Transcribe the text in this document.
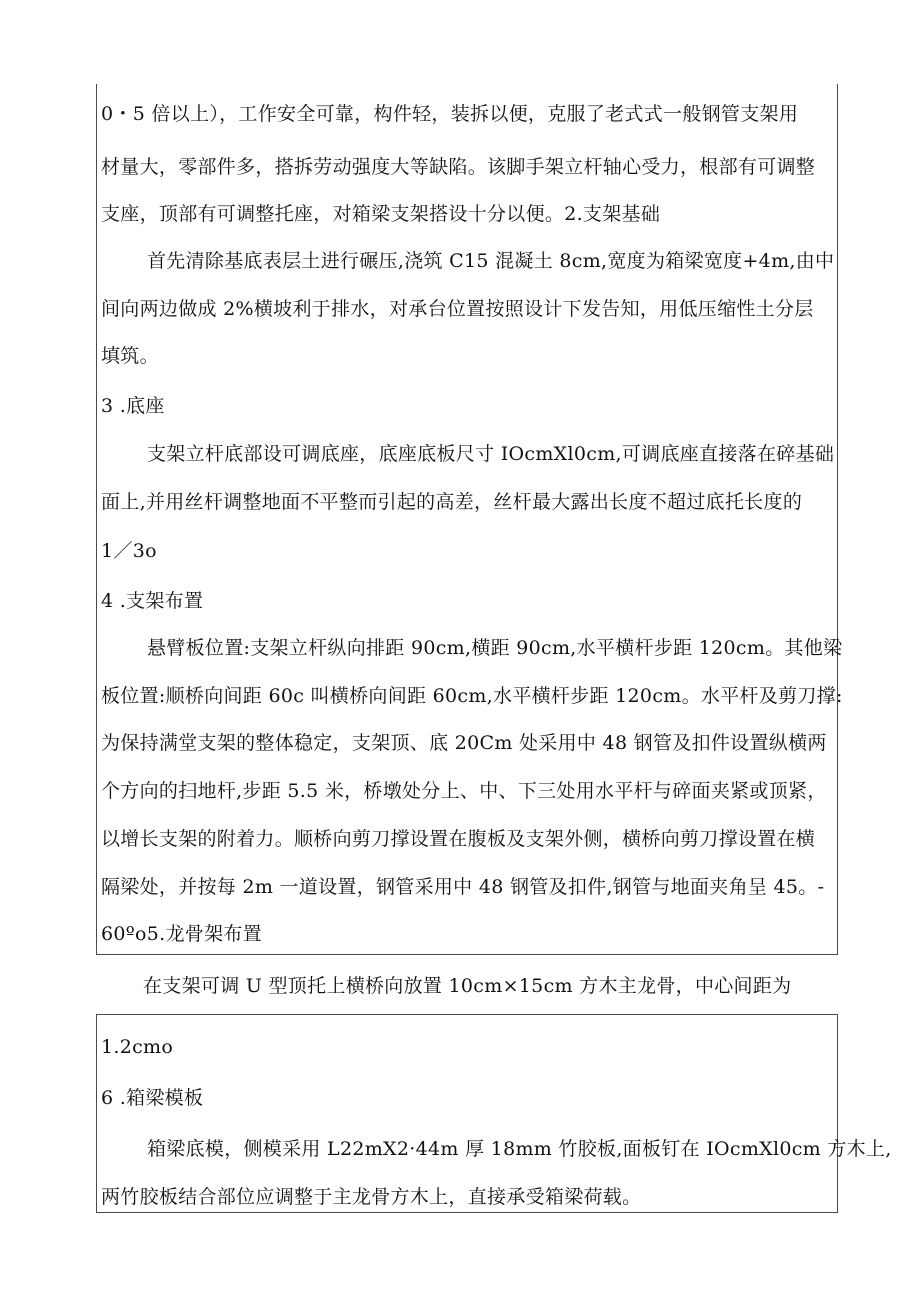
0・5 倍以上），工作安全可靠，构件轻，装拆以便，克服了老式式一般钢管支架用
材量大，零部件多，搭拆劳动强度大等缺陷。该脚手架立杆轴心受力，根部有可调整
支座，顶部有可调整托座，对箱梁支架搭设十分以便。2.支架基础
首先清除基底表层土进行碾压,浇筑 C15 混凝土 8cm,宽度为箱梁宽度+4m,由中
间向两边做成 2%横坡利于排水，对承台位置按照设计下发告知，用低压缩性土分层
填筑。
3 .底座
支架立杆底部设可调底座，底座底板尺寸 IOcmXl0cm,可调底座直接落在碎基础
面上,并用丝杆调整地面不平整而引起的高差，丝杆最大露出长度不超过底托长度的
1／3o
4 .支架布置
悬臂板位置:支架立杆纵向排距 90cm,横距 90cm,水平横杆步距 120cm。其他梁
板位置:顺桥向间距 60c 叫横桥向间距 60cm,水平横杆步距 120cm。水平杆及剪刀撑:
为保持满堂支架的整体稳定，支架顶、底 20Cm 处采用中 48 钢管及扣件设置纵横两
个方向的扫地杆,步距 5.5 米，桥墩处分上、中、下三处用水平杆与碎面夹紧或顶紧，
以增长支架的附着力。顺桥向剪刀撑设置在腹板及支架外侧，横桥向剪刀撑设置在横
隔梁处，并按每 2m 一道设置，钢管采用中 48 钢管及扣件,钢管与地面夹角呈 45。-
60ºo5.龙骨架布置
在支架可调 U 型顶托上横桥向放置 10cm×15cm 方木主龙骨，中心间距为
1.2cmo
6 .箱梁模板
箱梁底模，侧模采用 L22mX2·44m 厚 18mm 竹胶板,面板钉在 IOcmXl0cm 方木上,
两竹胶板结合部位应调整于主龙骨方木上，直接承受箱梁荷载。
